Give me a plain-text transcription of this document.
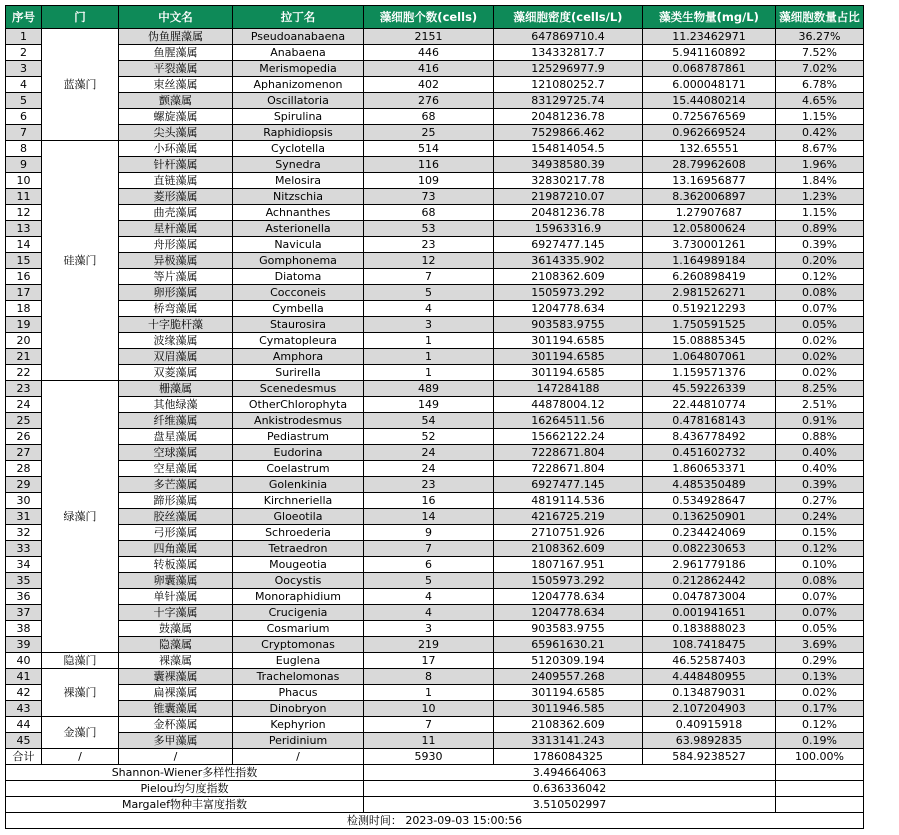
序号	门	中文名	拉丁名	藻细胞个数(cells)	藻细胞密度(cells/L)	藻类生物量(mg/L)	藻细胞数量占比
1	蓝藻门	伪鱼腥藻属	Pseudoanabaena	2151	647869710.4	11.23462971	36.27%
2		鱼腥藻属	Anabaena	446	134332817.7	5.941160892	7.52%
3		平裂藻属	Merismopedia	416	125296977.9	0.068787861	7.02%
4		束丝藻属	Aphanizomenon	402	121080252.7	6.000048171	6.78%
5		颤藻属	Oscillatoria	276	83129725.74	15.44080214	4.65%
6		螺旋藻属	Spirulina	68	20481236.78	0.725676569	1.15%
7		尖头藻属	Raphidiopsis	25	7529866.462	0.962669524	0.42%
8	硅藻门	小环藻属	Cyclotella	514	154814054.5	132.65551	8.67%
9		针杆藻属	Synedra	116	34938580.39	28.79962608	1.96%
10		直链藻属	Melosira	109	32830217.78	13.16956877	1.84%
11		菱形藻属	Nitzschia	73	21987210.07	8.362006897	1.23%
12		曲壳藻属	Achnanthes	68	20481236.78	1.27907687	1.15%
13		星杆藻属	Asterionella	53	15963316.9	12.05800624	0.89%
14		舟形藻属	Navicula	23	6927477.145	3.730001261	0.39%
15		异极藻属	Gomphonema	12	3614335.902	1.164989184	0.20%
16		等片藻属	Diatoma	7	2108362.609	6.260898419	0.12%
17		卵形藻属	Cocconeis	5	1505973.292	2.981526271	0.08%
18		桥弯藻属	Cymbella	4	1204778.634	0.519212293	0.07%
19		十字脆杆藻	Staurosira	3	903583.9755	1.750591525	0.05%
20		波缘藻属	Cymatopleura	1	301194.6585	15.08885345	0.02%
21		双眉藻属	Amphora	1	301194.6585	1.064807061	0.02%
22		双菱藻属	Surirella	1	301194.6585	1.159571376	0.02%
23	绿藻门	栅藻属	Scenedesmus	489	147284188	45.59226339	8.25%
24		其他绿藻	OtherChlorophyta	149	44878004.12	22.44810774	2.51%
25		纤维藻属	Ankistrodesmus	54	16264511.56	0.478168143	0.91%
26		盘星藻属	Pediastrum	52	15662122.24	8.436778492	0.88%
27		空球藻属	Eudorina	24	7228671.804	0.451602732	0.40%
28		空星藻属	Coelastrum	24	7228671.804	1.860653371	0.40%
29		多芒藻属	Golenkinia	23	6927477.145	4.485350489	0.39%
30		蹄形藻属	Kirchneriella	16	4819114.536	0.534928647	0.27%
31		胶丝藻属	Gloeotila	14	4216725.219	0.136250901	0.24%
32		弓形藻属	Schroederia	9	2710751.926	0.234424069	0.15%
33		四角藻属	Tetraedron	7	2108362.609	0.082230653	0.12%
34		转板藻属	Mougeotia	6	1807167.951	2.961779186	0.10%
35		卵囊藻属	Oocystis	5	1505973.292	0.212862442	0.08%
36		单针藻属	Monoraphidium	4	1204778.634	0.047873004	0.07%
37		十字藻属	Crucigenia	4	1204778.634	0.001941651	0.07%
38		鼓藻属	Cosmarium	3	903583.9755	0.183888023	0.05%
39		隐藻属	Cryptomonas	219	65961630.21	108.7418475	3.69%
40	隐藻门	裸藻属	Euglena	17	5120309.194	46.52587403	0.29%
41	裸藻门	囊裸藻属	Trachelomonas	8	2409557.268	4.448480955	0.13%
42		扁裸藻属	Phacus	1	301194.6585	0.134879031	0.02%
43		锥囊藻属	Dinobryon	10	3011946.585	2.107204903	0.17%
44	金藻门	金杯藻属	Kephyrion	7	2108362.609	0.40915918	0.12%
45		多甲藻属	Peridinium	11	3313141.243	63.9892835	0.19%
合计	/	/	/	5930	1786084325	584.9238527	100.00%
Shannon-Wiener多样性指数				3.494664063			
Pielou均匀度指数				0.636336042			
Margalef物种丰富度指数				3.510502997			
检测时间： 2023-09-03 15:00:56							
